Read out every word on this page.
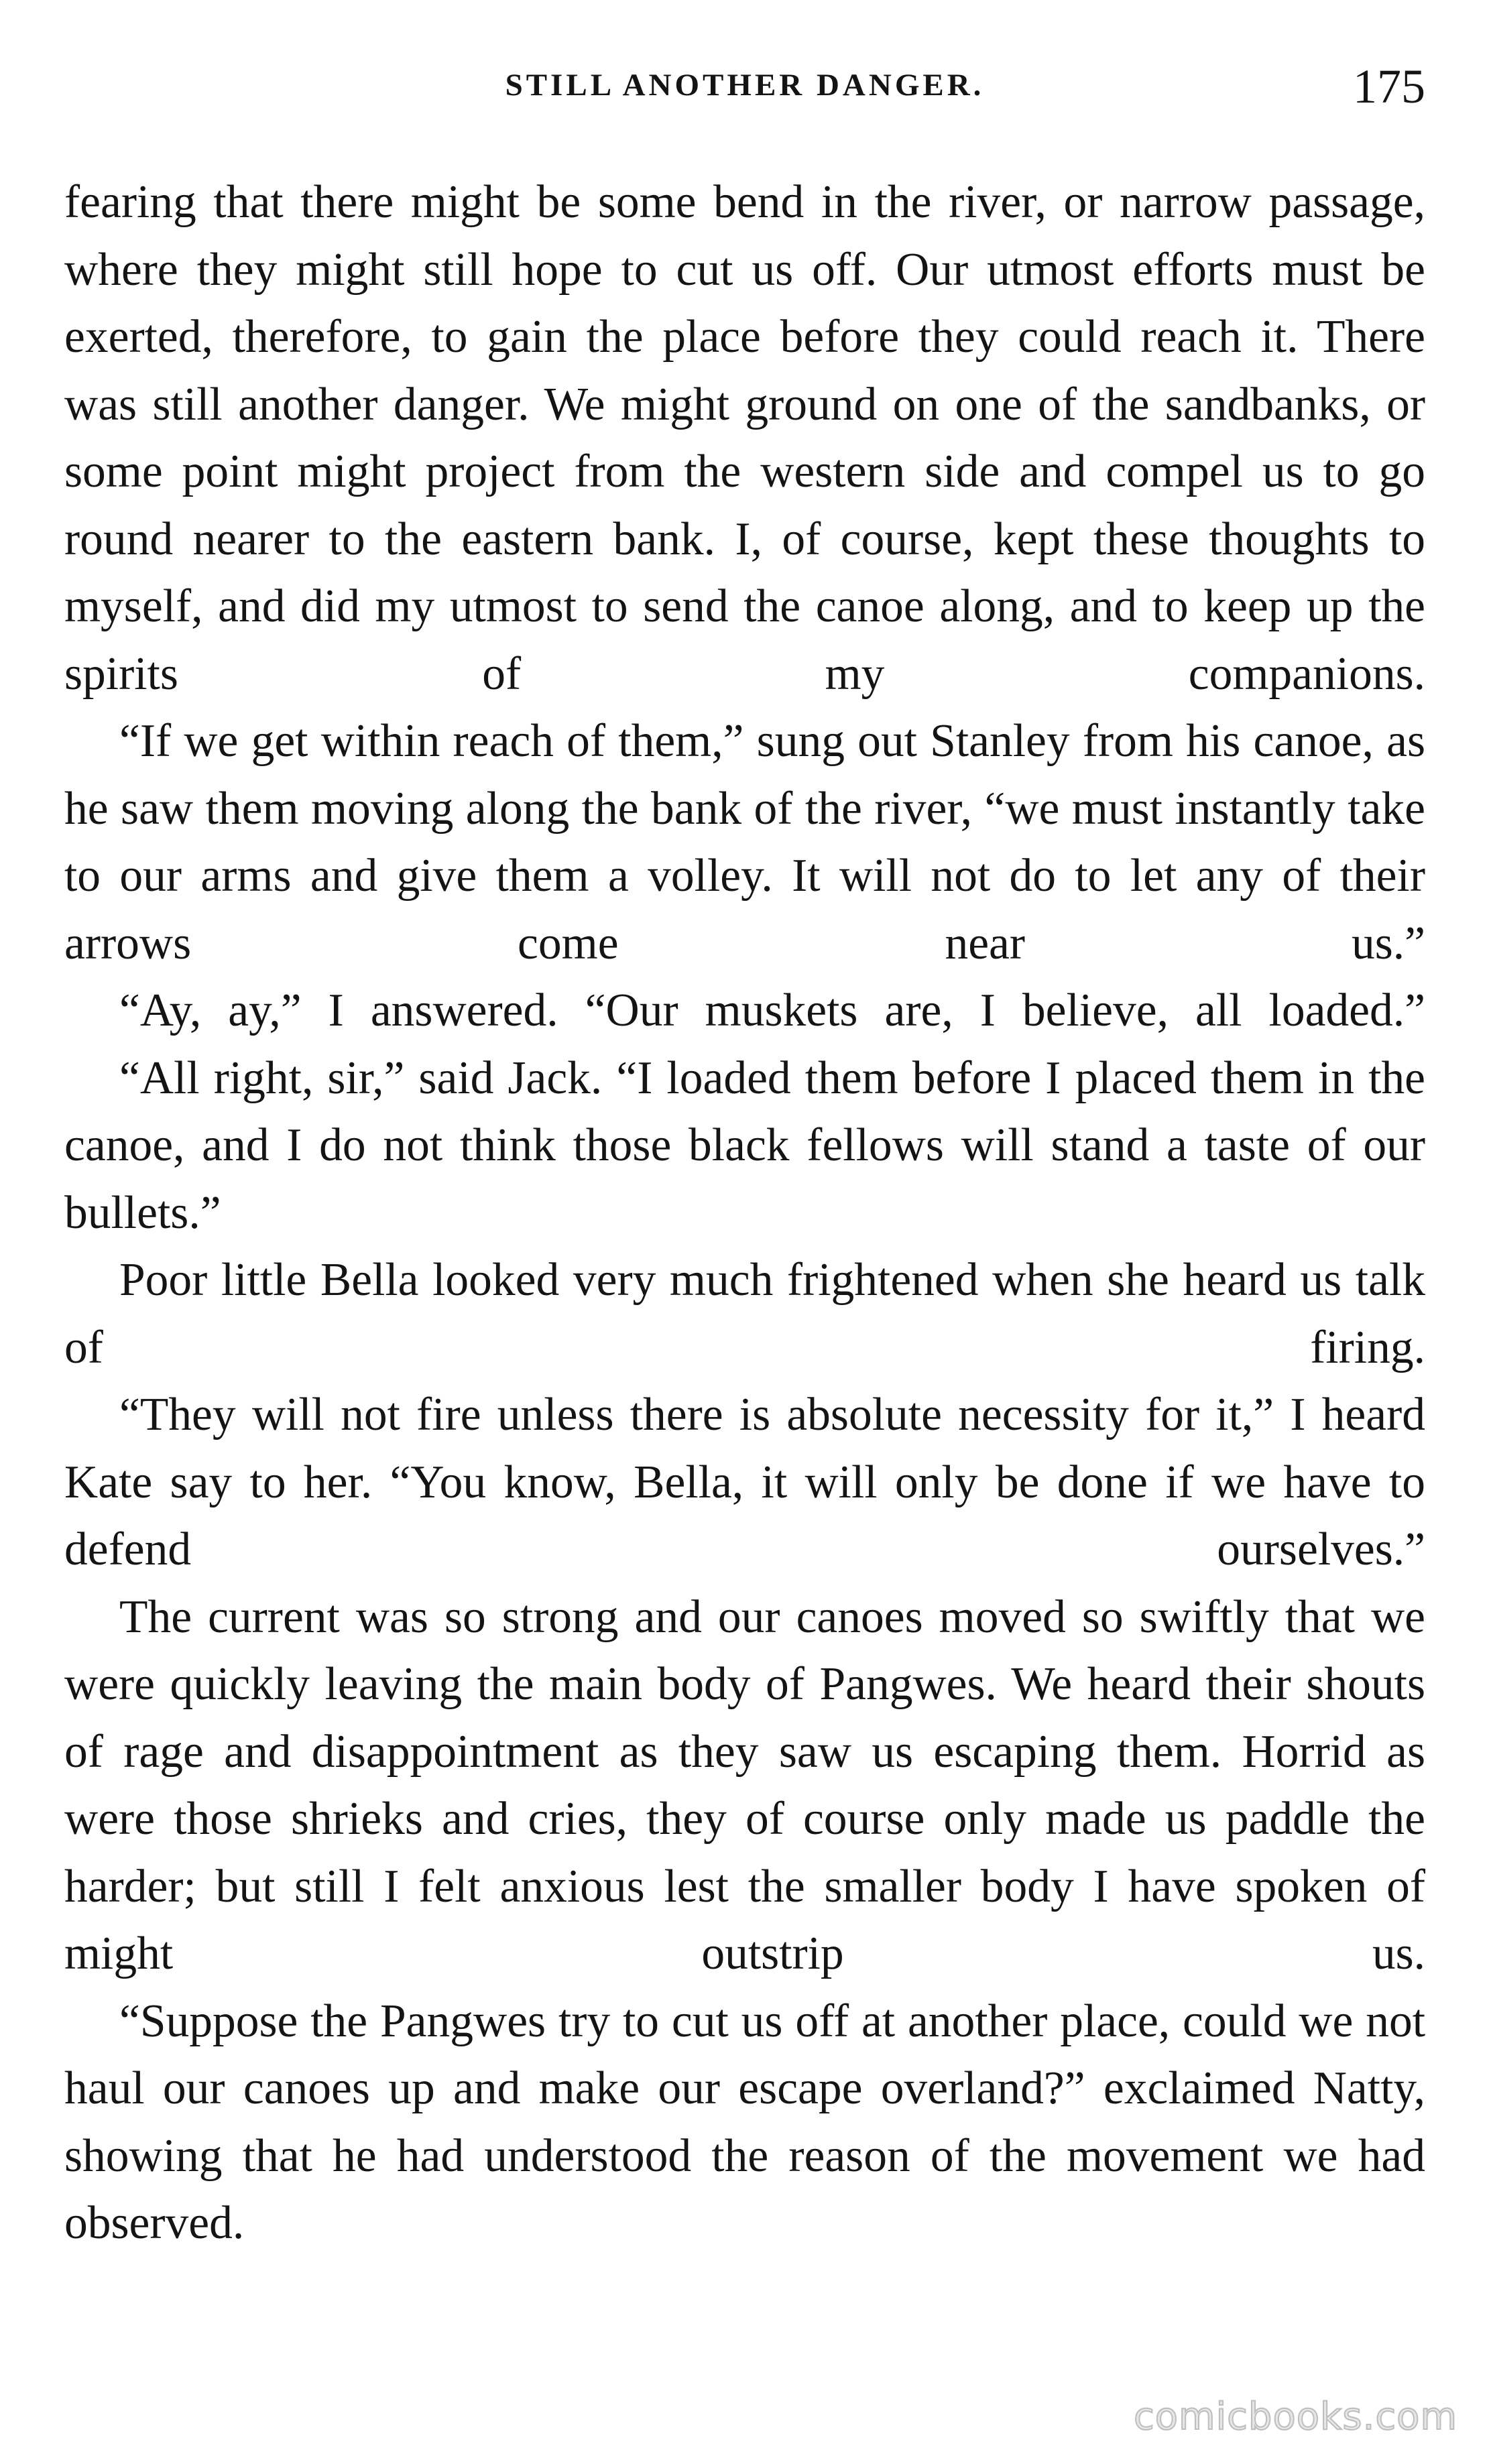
STILL ANOTHER DANGER.	175

fearing that there might be some bend in the river, or narrow passage, where they might still hope to cut us off. Our utmost efforts must be exerted, therefore, to gain the place before they could reach it. There was still another danger. We might ground on one of the sandbanks, or some point might project from the western side and compel us to go round nearer to the eastern bank. I, of course, kept these thoughts to myself, and did my utmost to send the canoe along, and to keep up the spirits of my companions.

“If we get within reach of them,” sung out Stanley from his canoe, as he saw them moving along the bank of the river, “we must instantly take to our arms and give them a volley. It will not do to let any of their arrows come near us.”

“Ay, ay,” I answered. “Our muskets are, I believe, all loaded.”

“All right, sir,” said Jack. “I loaded them before I placed them in the canoe, and I do not think those black fellows will stand a taste of our bullets.”

Poor little Bella looked very much frightened when she heard us talk of firing.

“They will not fire unless there is absolute necessity for it,” I heard Kate say to her. “You know, Bella, it will only be done if we have to defend ourselves.”

The current was so strong and our canoes moved so swiftly that we were quickly leaving the main body of Pangwes. We heard their shouts of rage and disappointment as they saw us escaping them. Horrid as were those shrieks and cries, they of course only made us paddle the harder; but still I felt anxious lest the smaller body I have spoken of might outstrip us.

“Suppose the Pangwes try to cut us off at another place, could we not haul our canoes up and make our escape overland?” exclaimed Natty, showing that he had understood the reason of the movement we had observed.

comicbooks.com
